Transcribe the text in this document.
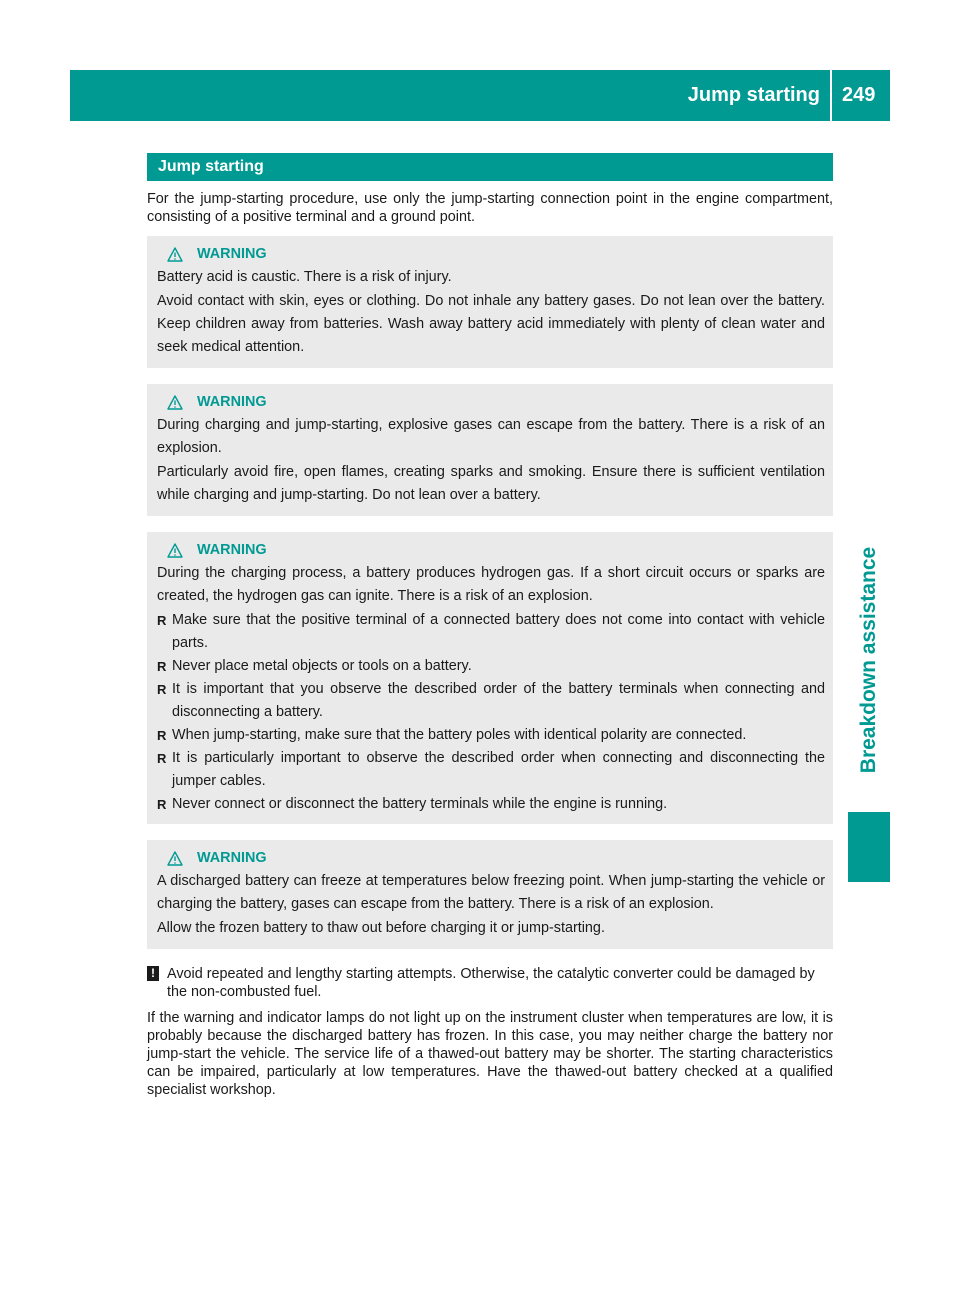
Jump starting 249
Breakdown assistance
Jump starting

For the jump-starting procedure, use only the jump-starting connection point in the engine compartment, consisting of a positive terminal and a ground point.

WARNING

Battery acid is caustic. There is a risk of injury.

Avoid contact with skin, eyes or clothing. Do not inhale any battery gases. Do not lean over the battery. Keep children away from batteries. Wash away battery acid immediately with plenty of clean water and seek medical attention.

WARNING

During charging and jump-starting, explosive gases can escape from the battery. There is a risk of an explosion.

Particularly avoid fire, open flames, creating sparks and smoking. Ensure there is sufficient ventilation while charging and jump-starting. Do not lean over a battery.

WARNING

During the charging process, a battery produces hydrogen gas. If a short circuit occurs or sparks are created, the hydrogen gas can ignite. There is a risk of an explosion.

R Make sure that the positive terminal of a connected battery does not come into contact with vehicle parts.
R Never place metal objects or tools on a battery.
R It is important that you observe the described order of the battery terminals when connecting and disconnecting a battery.
R When jump-starting, make sure that the battery poles with identical polarity are connected.
R It is particularly important to observe the described order when connecting and disconnecting the jumper cables.
R Never connect or disconnect the battery terminals while the engine is running.
WARNING

A discharged battery can freeze at temperatures below freezing point. When jump-starting the vehicle or charging the battery, gases can escape from the battery. There is a risk of an explosion.

Allow the frozen battery to thaw out before charging it or jump-starting.

! Avoid repeated and lengthy starting attempts. Otherwise, the catalytic converter could be damaged by the non-combusted fuel.

If the warning and indicator lamps do not light up on the instrument cluster when temperatures are low, it is probably because the discharged battery has frozen. In this case, you may neither charge the battery nor jump-start the vehicle. The service life of a thawed-out battery may be shorter. The starting characteristics can be impaired, particularly at low temperatures. Have the thawed-out battery checked at a qualified specialist workshop.
